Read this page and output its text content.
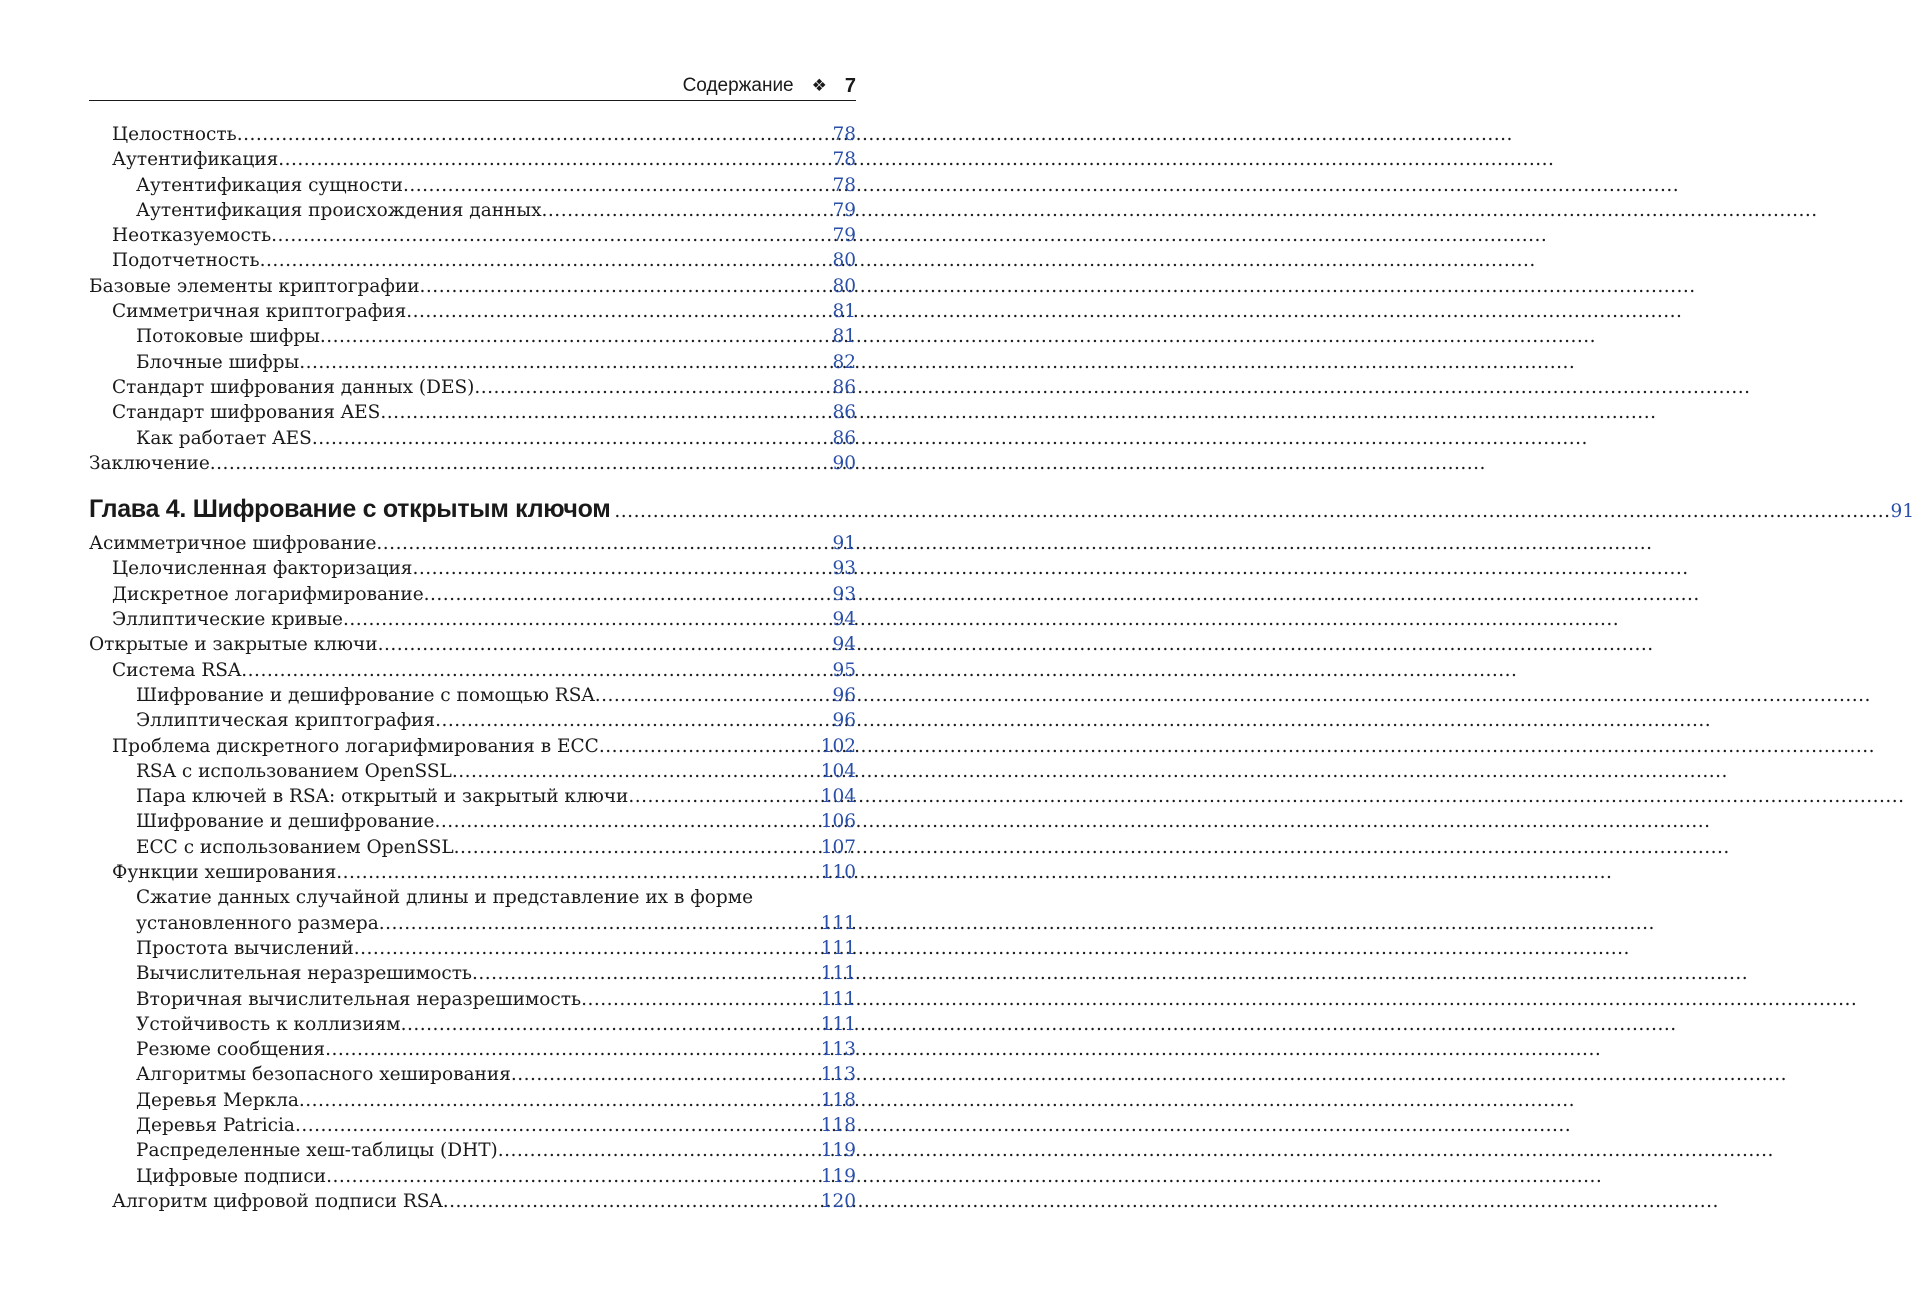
Содержание ❖ 7
Целостность .....	78
Аутентификация .....	78
Аутентификация сущности .....	78
Аутентификация происхождения данных .....	79
Неотказуемость .....	79
Подотчетность .....	80
Базовые элементы криптографии .....	80
Симметричная криптография .....	81
Потоковые шифры .....	81
Блочные шифры .....	82
Стандарт шифрования данных (DES) .....	86
Стандарт шифрования AES .....	86
Как работает AES .....	86
Заключение .....	90
Глава 4. Шифрование с открытым ключом .....	91
Асимметричное шифрование .....	91
Целочисленная факторизация .....	93
Дискретное логарифмирование .....	93
Эллиптические кривые .....	94
Открытые и закрытые ключи .....	94
Система RSA .....	95
Шифрование и дешифрование с помощью RSA .....	96
Эллиптическая криптография .....	96
Проблема дискретного логарифмирования в ECC .....	102
RSA с использованием OpenSSL .....	104
Пара ключей в RSA: открытый и закрытый ключи .....	104
Шифрование и дешифрование .....	106
ECC с использованием OpenSSL .....	107
Функции хеширования .....	110
Сжатие данных случайной длины и представление их в форме
установленного размера .....	111
Простота вычислений .....	111
Вычислительная неразрешимость .....	111
Вторичная вычислительная неразрешимость .....	111
Устойчивость к коллизиям .....	111
Резюме сообщения .....	113
Алгоритмы безопасного хеширования .....	113
Деревья Меркла .....	118
Деревья Patricia .....	118
Распределенные хеш-таблицы (DHT) .....	119
Цифровые подписи .....	119
Алгоритм цифровой подписи RSA .....	120
